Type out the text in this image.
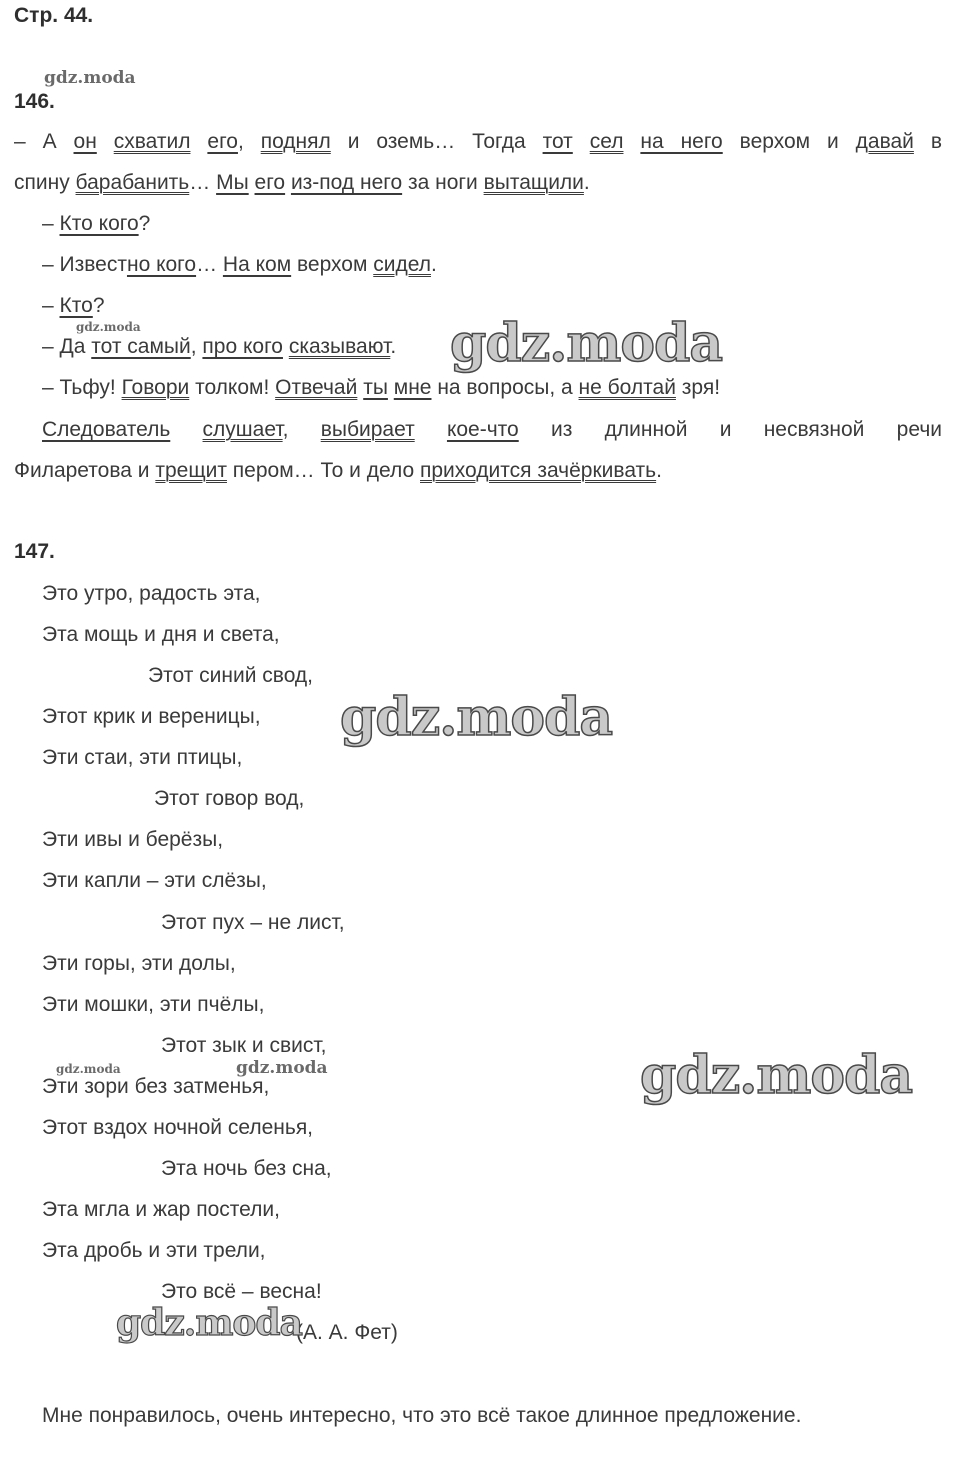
Стр. 44.
146.
– А он схватил его, поднял и оземь… Тогда тот сел на него верхом и давай в
спину барабанить… Мы его из-под него за ноги вытащили.
– Кто кого?
– Известно кого… На ком верхом сидел.
– Кто?
– Да тот самый, про кого сказывают.
– Тьфу! Говори толком! Отвечай ты мне на вопросы, а не болтай зря!
Следователь слушает, выбирает кое-что из длинной и несвязной речи
Филаретова и трещит пером… То и дело приходится зачёркивать.
147.
Это утро, радость эта,
Эта мощь и дня и света,
Этот синий свод,
Этот крик и вереницы,
Эти стаи, эти птицы,
Этот говор вод,
Эти ивы и берёзы,
Эти капли – эти слёзы,
Этот пух – не лист,
Эти горы, эти долы,
Эти мошки, эти пчёлы,
Этот зык и свист,
Эти зори без затменья,
Этот вздох ночной селенья,
Эта ночь без сна,
Эта мгла и жар постели,
Эта дробь и эти трели,
Это всё – весна!
(А. А. Фет)
Мне понравилось, очень интересно, что это всё такое длинное предложение.
gdz.moda
gdz.moda	gdz.moda
gdz.moda
gdz.moda	gdz.moda	gdz.moda
gdz.moda
